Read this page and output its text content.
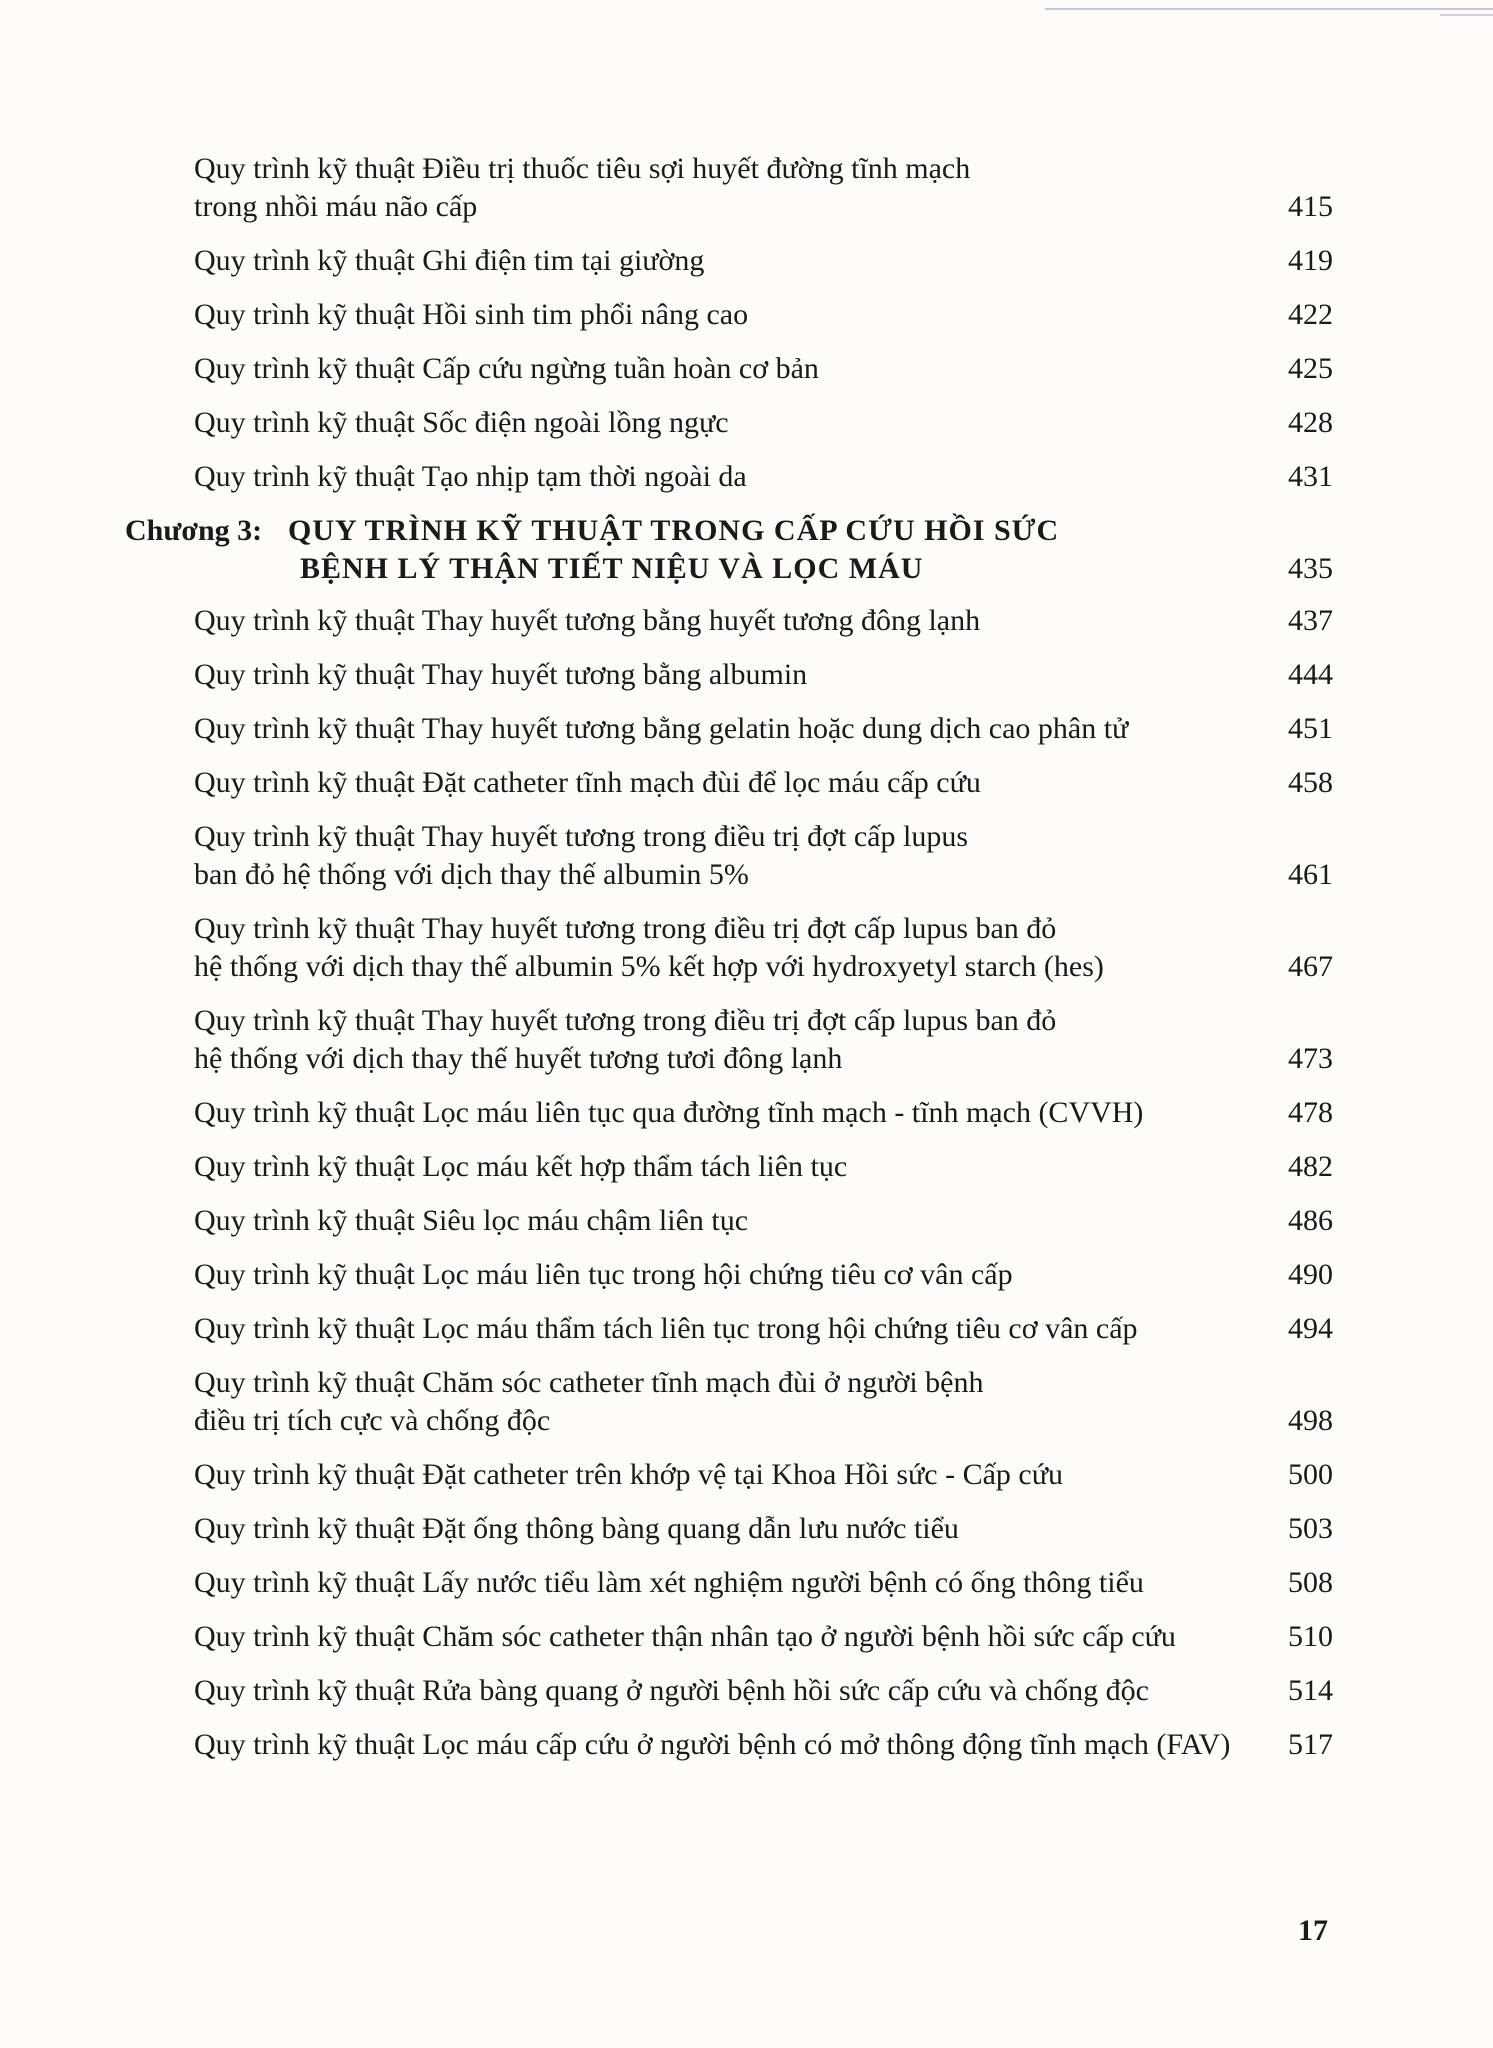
Quy trình kỹ thuật Điều trị thuốc tiêu sợi huyết đường tĩnh mạch
trong nhồi máu não cấp	415
Quy trình kỹ thuật Ghi điện tim tại giường	419
Quy trình kỹ thuật Hồi sinh tim phổi nâng cao	422
Quy trình kỹ thuật Cấp cứu ngừng tuần hoàn cơ bản	425
Quy trình kỹ thuật Sốc điện ngoài lồng ngực	428
Quy trình kỹ thuật Tạo nhịp tạm thời ngoài da	431
Chương 3: QUY TRÌNH KỸ THUẬT TRONG CẤP CỨU HỒI SỨC
BỆNH LÝ THẬN TIẾT NIỆU VÀ LỌC MÁU	435
Quy trình kỹ thuật Thay huyết tương bằng huyết tương đông lạnh	437
Quy trình kỹ thuật Thay huyết tương bằng albumin	444
Quy trình kỹ thuật Thay huyết tương bằng gelatin hoặc dung dịch cao phân tử	451
Quy trình kỹ thuật Đặt catheter tĩnh mạch đùi để lọc máu cấp cứu	458
Quy trình kỹ thuật Thay huyết tương trong điều trị đợt cấp lupus
ban đỏ hệ thống với dịch thay thế albumin 5%	461
Quy trình kỹ thuật Thay huyết tương trong điều trị đợt cấp lupus ban đỏ
hệ thống với dịch thay thế albumin 5% kết hợp với hydroxyetyl starch (hes)	467
Quy trình kỹ thuật Thay huyết tương trong điều trị đợt cấp lupus ban đỏ
hệ thống với dịch thay thế huyết tương tươi đông lạnh	473
Quy trình kỹ thuật Lọc máu liên tục qua đường tĩnh mạch - tĩnh mạch (CVVH)	478
Quy trình kỹ thuật Lọc máu kết hợp thẩm tách liên tục	482
Quy trình kỹ thuật Siêu lọc máu chậm liên tục	486
Quy trình kỹ thuật Lọc máu liên tục trong hội chứng tiêu cơ vân cấp	490
Quy trình kỹ thuật Lọc máu thẩm tách liên tục trong hội chứng tiêu cơ vân cấp	494
Quy trình kỹ thuật Chăm sóc catheter tĩnh mạch đùi ở người bệnh
điều trị tích cực và chống độc	498
Quy trình kỹ thuật Đặt catheter trên khớp vệ tại Khoa Hồi sức - Cấp cứu	500
Quy trình kỹ thuật Đặt ống thông bàng quang dẫn lưu nước tiểu	503
Quy trình kỹ thuật Lấy nước tiểu làm xét nghiệm người bệnh có ống thông tiểu	508
Quy trình kỹ thuật Chăm sóc catheter thận nhân tạo ở người bệnh hồi sức cấp cứu	510
Quy trình kỹ thuật Rửa bàng quang ở người bệnh hồi sức cấp cứu và chống độc	514
Quy trình kỹ thuật Lọc máu cấp cứu ở người bệnh có mở thông động tĩnh mạch (FAV)	517
17
